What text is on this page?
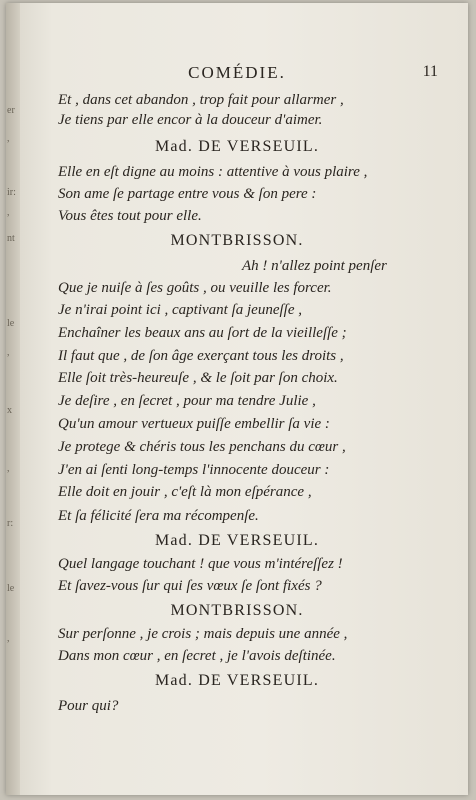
er
,
ir:
,
nt
le
,
x
,
r:
le
,
COMÉDIE.	11
Et , dans cet abandon , trop fait pour allarmer ,
Je tiens par elle encor à la douceur d'aimer.
Mad. DE VERSEUIL.
Elle en eſt digne au moins : attentive à vous plaire ,
Son ame ſe partage entre vous & ſon pere :
Vous êtes tout pour elle.
MONTBRISSON.
Ah ! n'allez point penſer
Que je nuiſe à ſes goûts , ou veuille les forcer.
Je n'irai point ici , captivant ſa jeuneſſe ,
Enchaîner les beaux ans au ſort de la vieilleſſe ;
Il faut que , de ſon âge exerçant tous les droits ,
Elle ſoit très-heureuſe , & le ſoit par ſon choix.
Je deſire , en ſecret , pour ma tendre Julie ,
Qu'un amour vertueux puiſſe embellir ſa vie :
Je protege & chéris tous les penchans du cœur ,
J'en ai ſenti long-temps l'innocente douceur :
Elle doit en jouir , c'eſt là mon eſpérance ,
Et ſa félicité ſera ma récompenſe.
Mad. DE VERSEUIL.
Quel langage touchant ! que vous m'intéreſſez !
Et ſavez-vous ſur qui ſes vœux ſe ſont fixés ?
MONTBRISSON.
Sur perſonne , je crois ; mais depuis une année ,
Dans mon cœur , en ſecret , je l'avois deſtinée.
Mad. DE VERSEUIL.
Pour qui?
